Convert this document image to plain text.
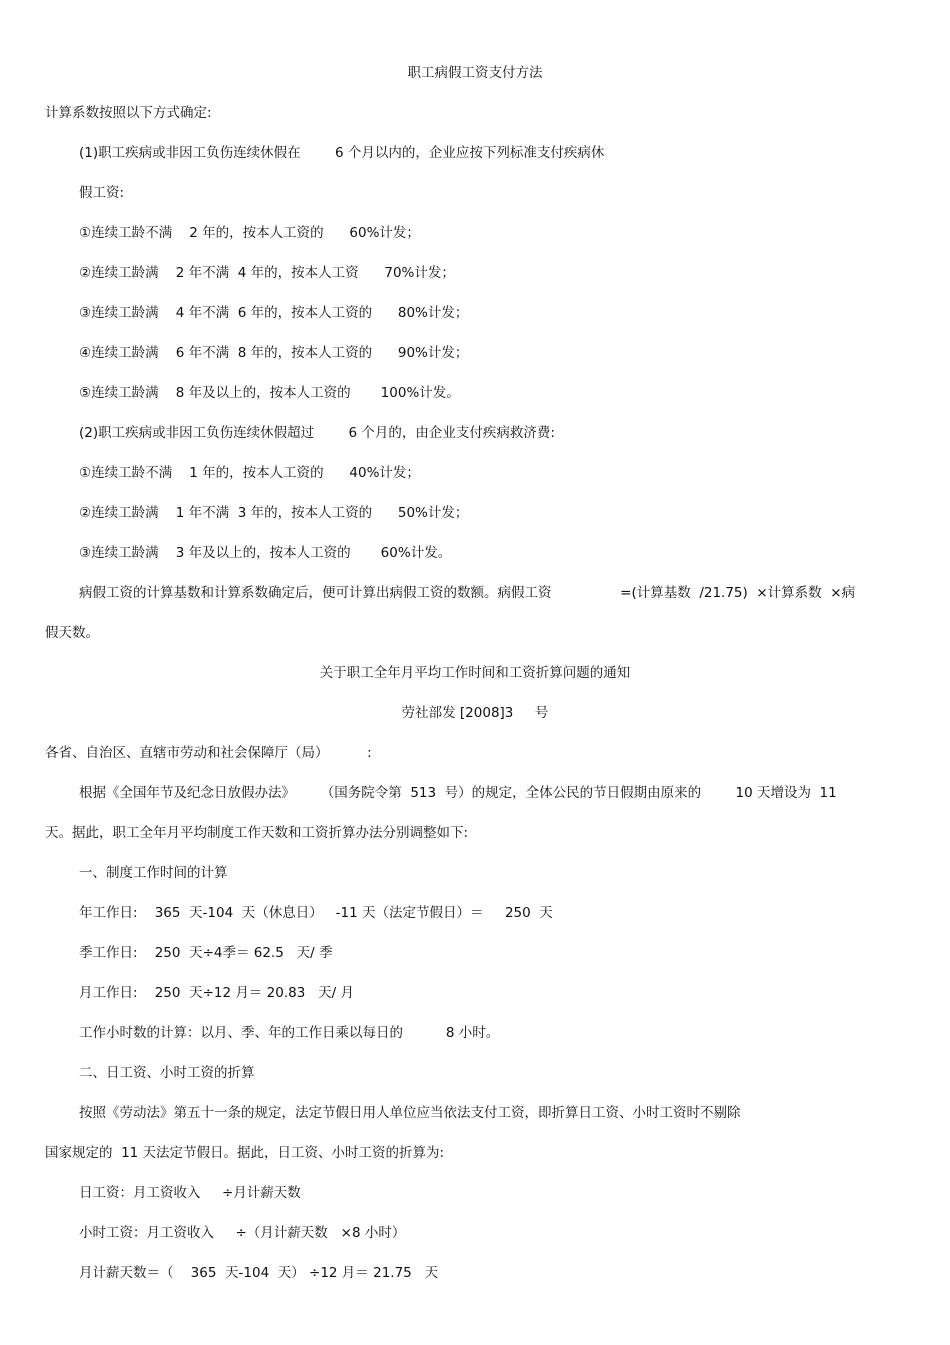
职工病假工资支付方法
计算系数按照以下方式确定:
(1)职工疾病或非因工负伤连续休假在        6 个月以内的，企业应按下列标准支付疾病休
假工资:
①连续工龄不满    2 年的，按本人工资的      60%计发；
②连续工龄满    2 年不满  4 年的，按本人工资      70%计发；
③连续工龄满    4 年不满  6 年的，按本人工资的      80%计发；
④连续工龄满    6 年不满  8 年的，按本人工资的      90%计发；
⑤连续工龄满    8 年及以上的，按本人工资的       100%计发。
(2)职工疾病或非因工负伤连续休假超过        6 个月的，由企业支付疾病救济费:
①连续工龄不满    1 年的，按本人工资的      40%计发；
②连续工龄满    1 年不满  3 年的，按本人工资的      50%计发；
③连续工龄满    3 年及以上的，按本人工资的       60%计发。
病假工资的计算基数和计算系数确定后，便可计算出病假工资的数额。病假工资                =(计算基数  /21.75)  ×计算系数  ×病
假天数。
关于职工全年月平均工作时间和工资折算问题的通知
劳社部发 [2008]3     号
各省、自治区、直辖市劳动和社会保障厅（局）         :
根据《全国年节及纪念日放假办法》      （国务院令第  513  号）的规定，全体公民的节日假期由原来的        10 天增设为  11
天。据此，职工全年月平均制度工作天数和工资折算办法分别调整如下:
一、制度工作时间的计算
年工作日:    365  天-104  天（休息日）   -11 天（法定节假日）＝     250  天
季工作日:    250  天÷4季＝ 62.5   天/ 季
月工作日:    250  天÷12 月＝ 20.83   天/ 月
工作小时数的计算：以月、季、年的工作日乘以每日的          8 小时。
二、日工资、小时工资的折算
按照《劳动法》第五十一条的规定，法定节假日用人单位应当依法支付工资，即折算日工资、小时工资时不剔除
国家规定的  11 天法定节假日。据此，日工资、小时工资的折算为:
日工资：月工资收入     ÷月计薪天数
小时工资：月工资收入     ÷（月计薪天数   ×8 小时）
月计薪天数＝（    365  天-104  天） ÷12 月＝ 21.75   天
